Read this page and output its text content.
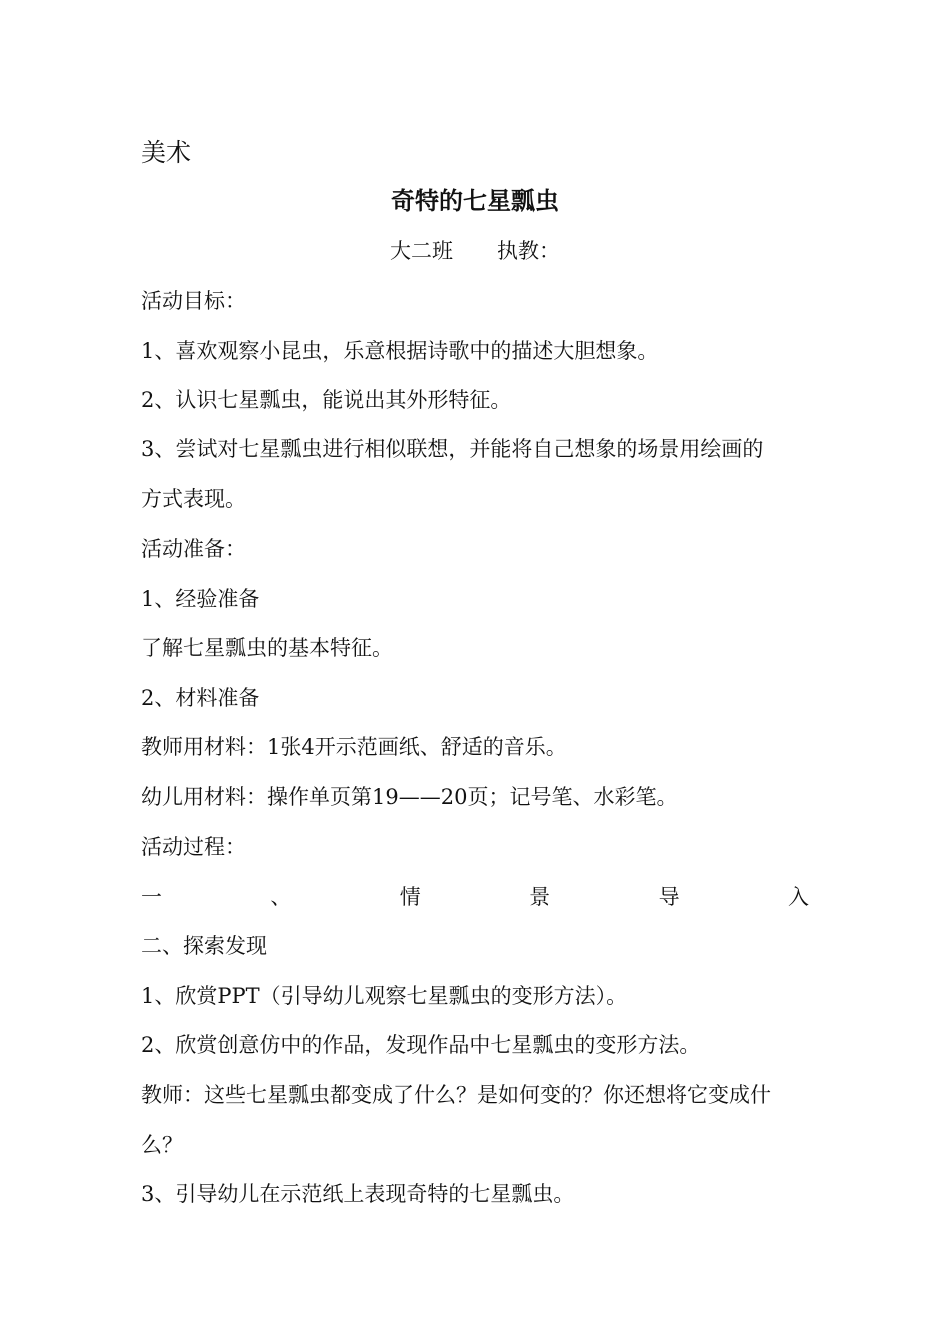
美术
奇特的七星瓢虫
大二班 执教：
活动目标：
1、喜欢观察小昆虫，乐意根据诗歌中的描述大胆想象。
2、认识七星瓢虫，能说出其外形特征。
3、尝试对七星瓢虫进行相似联想，并能将自己想象的场景用绘画的
方式表现。
活动准备：
1、经验准备
了解七星瓢虫的基本特征。
2、材料准备
教师用材料：1张4开示范画纸、舒适的音乐。
幼儿用材料：操作单页第19——20页；记号笔、水彩笔。
活动过程：
一	、	情	景	导	入
二、探索发现
1、欣赏PPT（引导幼儿观察七星瓢虫的变形方法）。
2、欣赏创意仿中的作品，发现作品中七星瓢虫的变形方法。
教师：这些七星瓢虫都变成了什么？是如何变的？你还想将它变成什
么？
3、引导幼儿在示范纸上表现奇特的七星瓢虫。
